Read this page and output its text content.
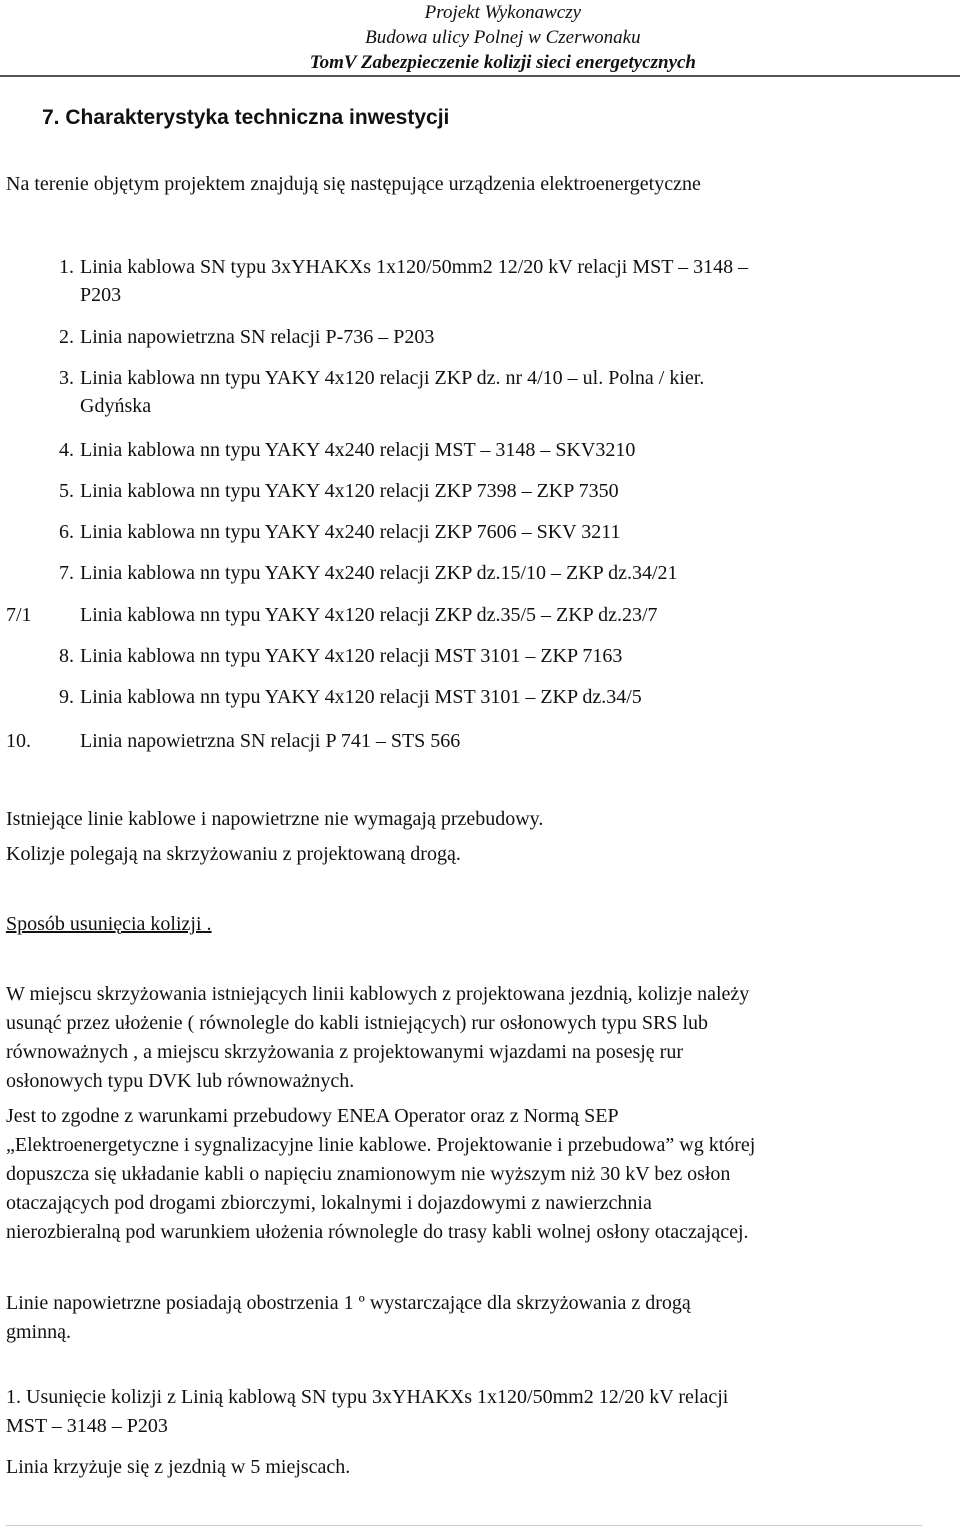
Projekt Wykonawczy
Budowa ulicy Polnej w Czerwonaku
TomV Zabezpieczenie kolizji sieci energetycznych
7. Charakterystyka techniczna inwestycji
Na terenie objętym projektem znajdują się następujące urządzenia elektroenergetyczne
1. Linia kablowa SN typu 3xYHAKXs 1x120/50mm2 12/20 kV relacji MST – 3148 –
P203
2. Linia napowietrzna SN relacji P-736 – P203
3. Linia kablowa nn typu YAKY 4x120 relacji ZKP dz. nr 4/10 – ul. Polna / kier.
Gdyńska
4. Linia kablowa nn typu YAKY 4x240 relacji MST – 3148 – SKV3210
5. Linia kablowa nn typu YAKY 4x120 relacji ZKP 7398 – ZKP 7350
6. Linia kablowa nn typu YAKY 4x240 relacji ZKP 7606 – SKV 3211
7. Linia kablowa nn typu YAKY 4x240 relacji ZKP dz.15/10 – ZKP dz.34/21
7/1 Linia kablowa nn typu YAKY 4x120 relacji ZKP dz.35/5 – ZKP dz.23/7
8. Linia kablowa nn typu YAKY 4x120 relacji MST 3101 – ZKP 7163
9. Linia kablowa nn typu YAKY 4x120 relacji MST 3101 – ZKP dz.34/5
10. Linia napowietrzna SN relacji P 741 – STS 566
Istniejące linie kablowe i napowietrzne nie wymagają przebudowy.
Kolizje polegają na skrzyżowaniu z projektowaną drogą.
Sposób usunięcia kolizji .
W miejscu skrzyżowania istniejących linii kablowych z projektowana jezdnią, kolizje należy
usunąć przez ułożenie ( równolegle do kabli istniejących) rur osłonowych typu SRS lub
równoważnych , a miejscu skrzyżowania z projektowanymi wjazdami na posesję rur
osłonowych typu DVK lub równoważnych.
Jest to zgodne z warunkami przebudowy ENEA Operator oraz z Normą SEP
„Elektroenergetyczne i sygnalizacyjne linie kablowe. Projektowanie i przebudowa” wg której
dopuszcza się układanie kabli o napięciu znamionowym nie wyższym niż 30 kV bez osłon
otaczających pod drogami zbiorczymi, lokalnymi i dojazdowymi z nawierzchnia
nierozbieralną pod warunkiem ułożenia równolegle do trasy kabli wolnej osłony otaczającej.
Linie napowietrzne posiadają obostrzenia 1 º wystarczające dla skrzyżowania z drogą
gminną.
1. Usunięcie kolizji z Linią kablową SN typu 3xYHAKXs 1x120/50mm2 12/20 kV relacji
MST – 3148 – P203
Linia krzyżuje się z jezdnią w 5 miejscach.
